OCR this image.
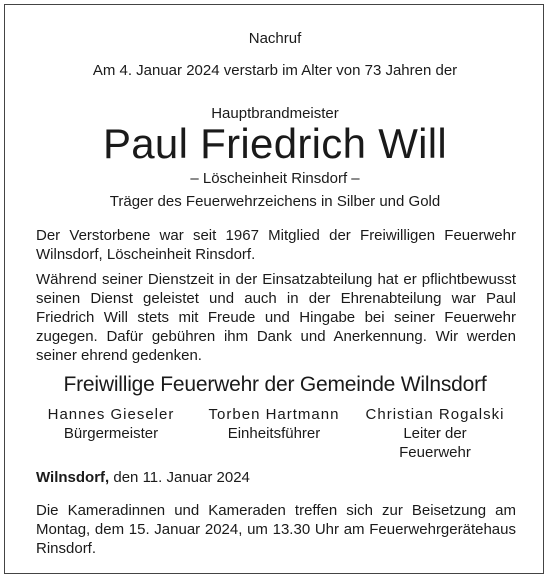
Nachruf
Am 4. Januar 2024 verstarb im Alter von 73 Jahren der
Hauptbrandmeister
Paul Friedrich Will
– Löscheinheit Rinsdorf –
Träger des Feuerwehrzeichens in Silber und Gold
Der Verstorbene war seit 1967 Mitglied der Freiwilligen Feuerwehr Wilnsdorf, Löscheinheit Rinsdorf.
Während seiner Dienstzeit in der Einsatzabteilung hat er pflichtbewusst seinen Dienst geleistet und auch in der Ehrenabteilung war Paul Friedrich Will stets mit Freude und Hingabe bei seiner Feuerwehr zugegen. Dafür gebühren ihm Dank und Anerkennung. Wir werden seiner ehrend gedenken.
Freiwillige Feuerwehr der Gemeinde Wilnsdorf
Hannes Gieseler
Bürgermeister
Torben Hartmann
Einheitsführer
Christian Rogalski
Leiter der
Feuerwehr
Wilnsdorf, den 11. Januar 2024
Die Kameradinnen und Kameraden treffen sich zur Beisetzung am Montag, dem 15. Januar 2024, um 13.30 Uhr am Feuerwehrgerätehaus Rinsdorf.
